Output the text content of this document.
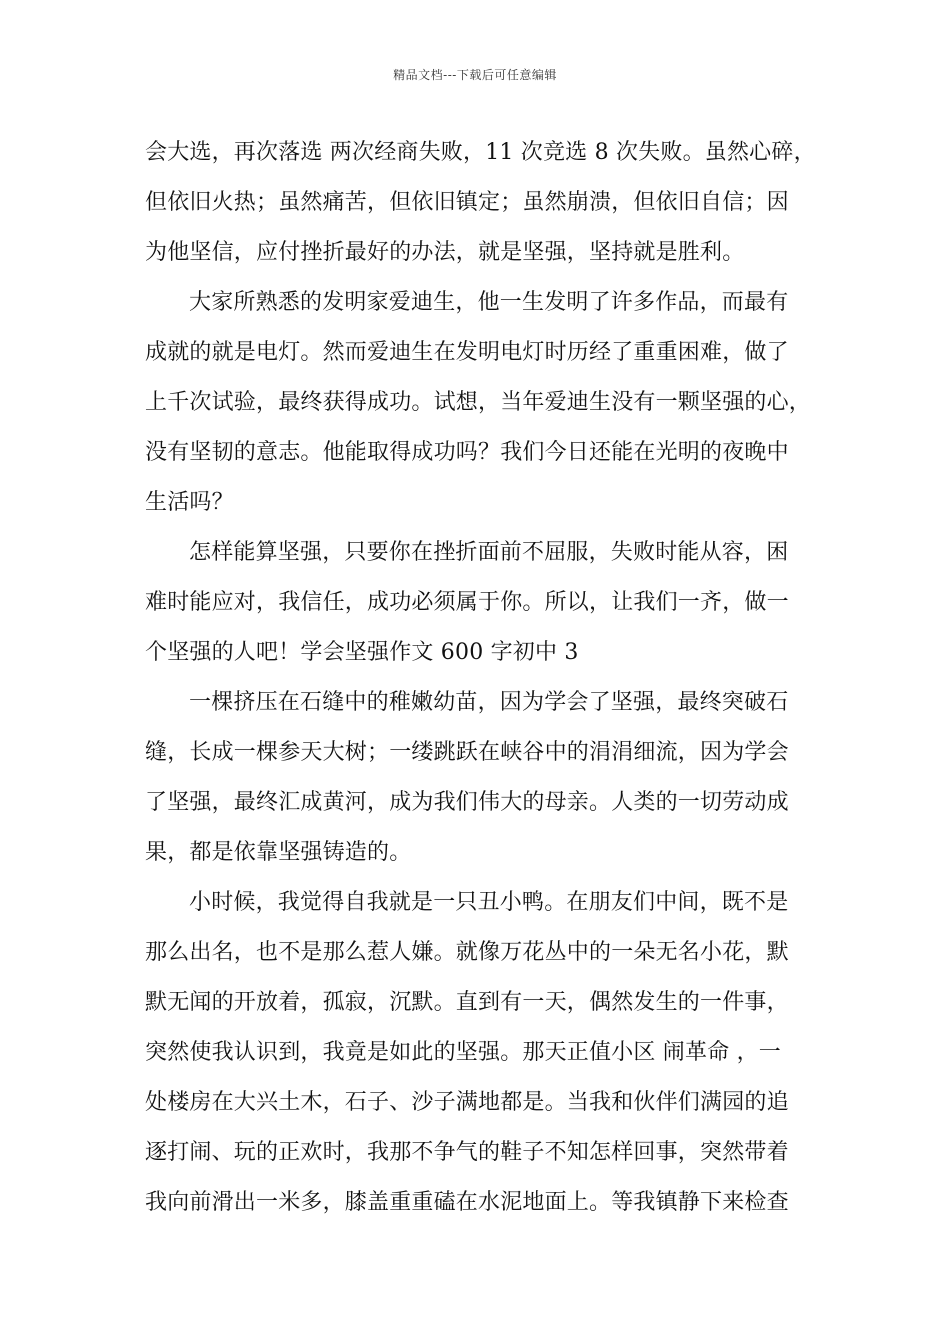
精品文档---下载后可任意编辑
会大选，再次落选 两次经商失败，11 次竞选 8 次失败。虽然心碎，
但依旧火热；虽然痛苦，但依旧镇定；虽然崩溃，但依旧自信；因
为他坚信，应付挫折最好的办法，就是坚强，坚持就是胜利。
大家所熟悉的发明家爱迪生，他一生发明了许多作品，而最有
成就的就是电灯。然而爱迪生在发明电灯时历经了重重困难，做了
上千次试验，最终获得成功。试想，当年爱迪生没有一颗坚强的心，
没有坚韧的意志。他能取得成功吗？我们今日还能在光明的夜晚中
生活吗？
怎样能算坚强，只要你在挫折面前不屈服，失败时能从容，困
难时能应对，我信任，成功必须属于你。所以，让我们一齐，做一
个坚强的人吧！学会坚强作文 600 字初中 3
一棵挤压在石缝中的稚嫩幼苗，因为学会了坚强，最终突破石
缝，长成一棵参天大树；一缕跳跃在峡谷中的涓涓细流，因为学会
了坚强，最终汇成黄河，成为我们伟大的母亲。人类的一切劳动成
果，都是依靠坚强铸造的。
小时候，我觉得自我就是一只丑小鸭。在朋友们中间，既不是
那么出名，也不是那么惹人嫌。就像万花丛中的一朵无名小花，默
默无闻的开放着，孤寂，沉默。直到有一天，偶然发生的一件事，
突然使我认识到，我竟是如此的坚强。那天正值小区 闹革命 ，一
处楼房在大兴土木，石子、沙子满地都是。当我和伙伴们满园的追
逐打闹、玩的正欢时，我那不争气的鞋子不知怎样回事，突然带着
我向前滑出一米多，膝盖重重磕在水泥地面上。等我镇静下来检查
